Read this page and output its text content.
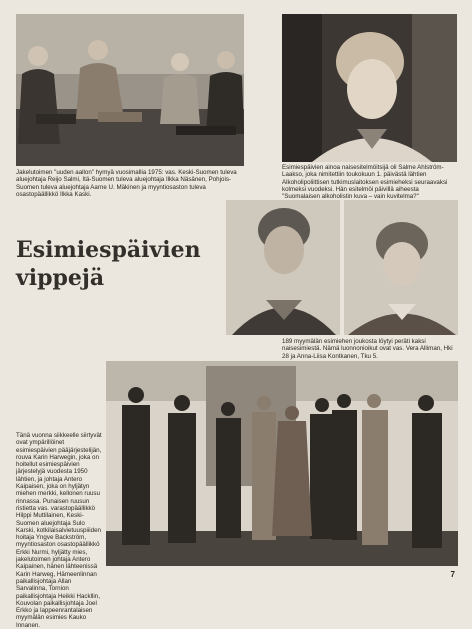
Jakelutoimen "uuden aallon" hymyä vuosimallia 1975: vas. Keski-Suomen tuleva aluejohtaja Reijo Salmi, Itä-Suomen tuleva aluejohtaja Ilkka Näsänen, Pohjois-Suomen tuleva aluejohtaja Aarne U. Mäkinen ja myyntiosaston tuleva osastopäällikkö Ilkka Kaski.

Esimiespäivien ainoa naisesitelmöitsijä oli Salme Ahlström-Laakso, joka nimitettiin toukokuun 1. päivästä lähtien Alkoholipoliittisen tutkimuslaitoksen esimieheksi seuraavaksi kolmeksi vuodeksi. Hän esitelmöi päivillä aiheesta "Suomalaisen alkoholistin kuva – vain kuvitelma?"

Esimiespäivien
vippejä

189 myymälän esimiehen joukosta löytyi peräti kaksi naisesimiestä. Nämä luonnonioikut ovat vas. Vera Alliman, Hki 28 ja Anna-Liisa Kontkanen, Tku 5.

Tänä vuonna siikkeelle siirtyvät ovat ympärillöinet esimiespäivien pääjärjestelijän, rouva Karin Harwegin, joka on hoitellut esimiespäivien järjestelyjä vuodesta 1950 lähtien, ja johtaja Antero Kaipaisen, joka on hyljätyn miehen merkki, kellonen ruusu rinnassa. Punaisen ruusun ristietta vas. varastopäällikkö Hilppi Muttilainen, Keski-Suomen aluejohtaja Sulo Karski, kotkilaisalvietuuspiiiden hoitaja Yngve Backström, myyntiosaston osastopäällikkö Erkki Nurmi, hyljätty mies, jakelutoimen johtaja Antero Kaipainen, hänen lähteenissä Karin Harweg, Hämeenlinnan paikallisjohtaja Allan Sarvalinna, Tornion paikallisjohtaja Heikki Hackllin, Kouvolan paikallisjohtaja Joel Erkko ja lappeenrantalaisen myymälän esimies Kauko Innanen.

7
